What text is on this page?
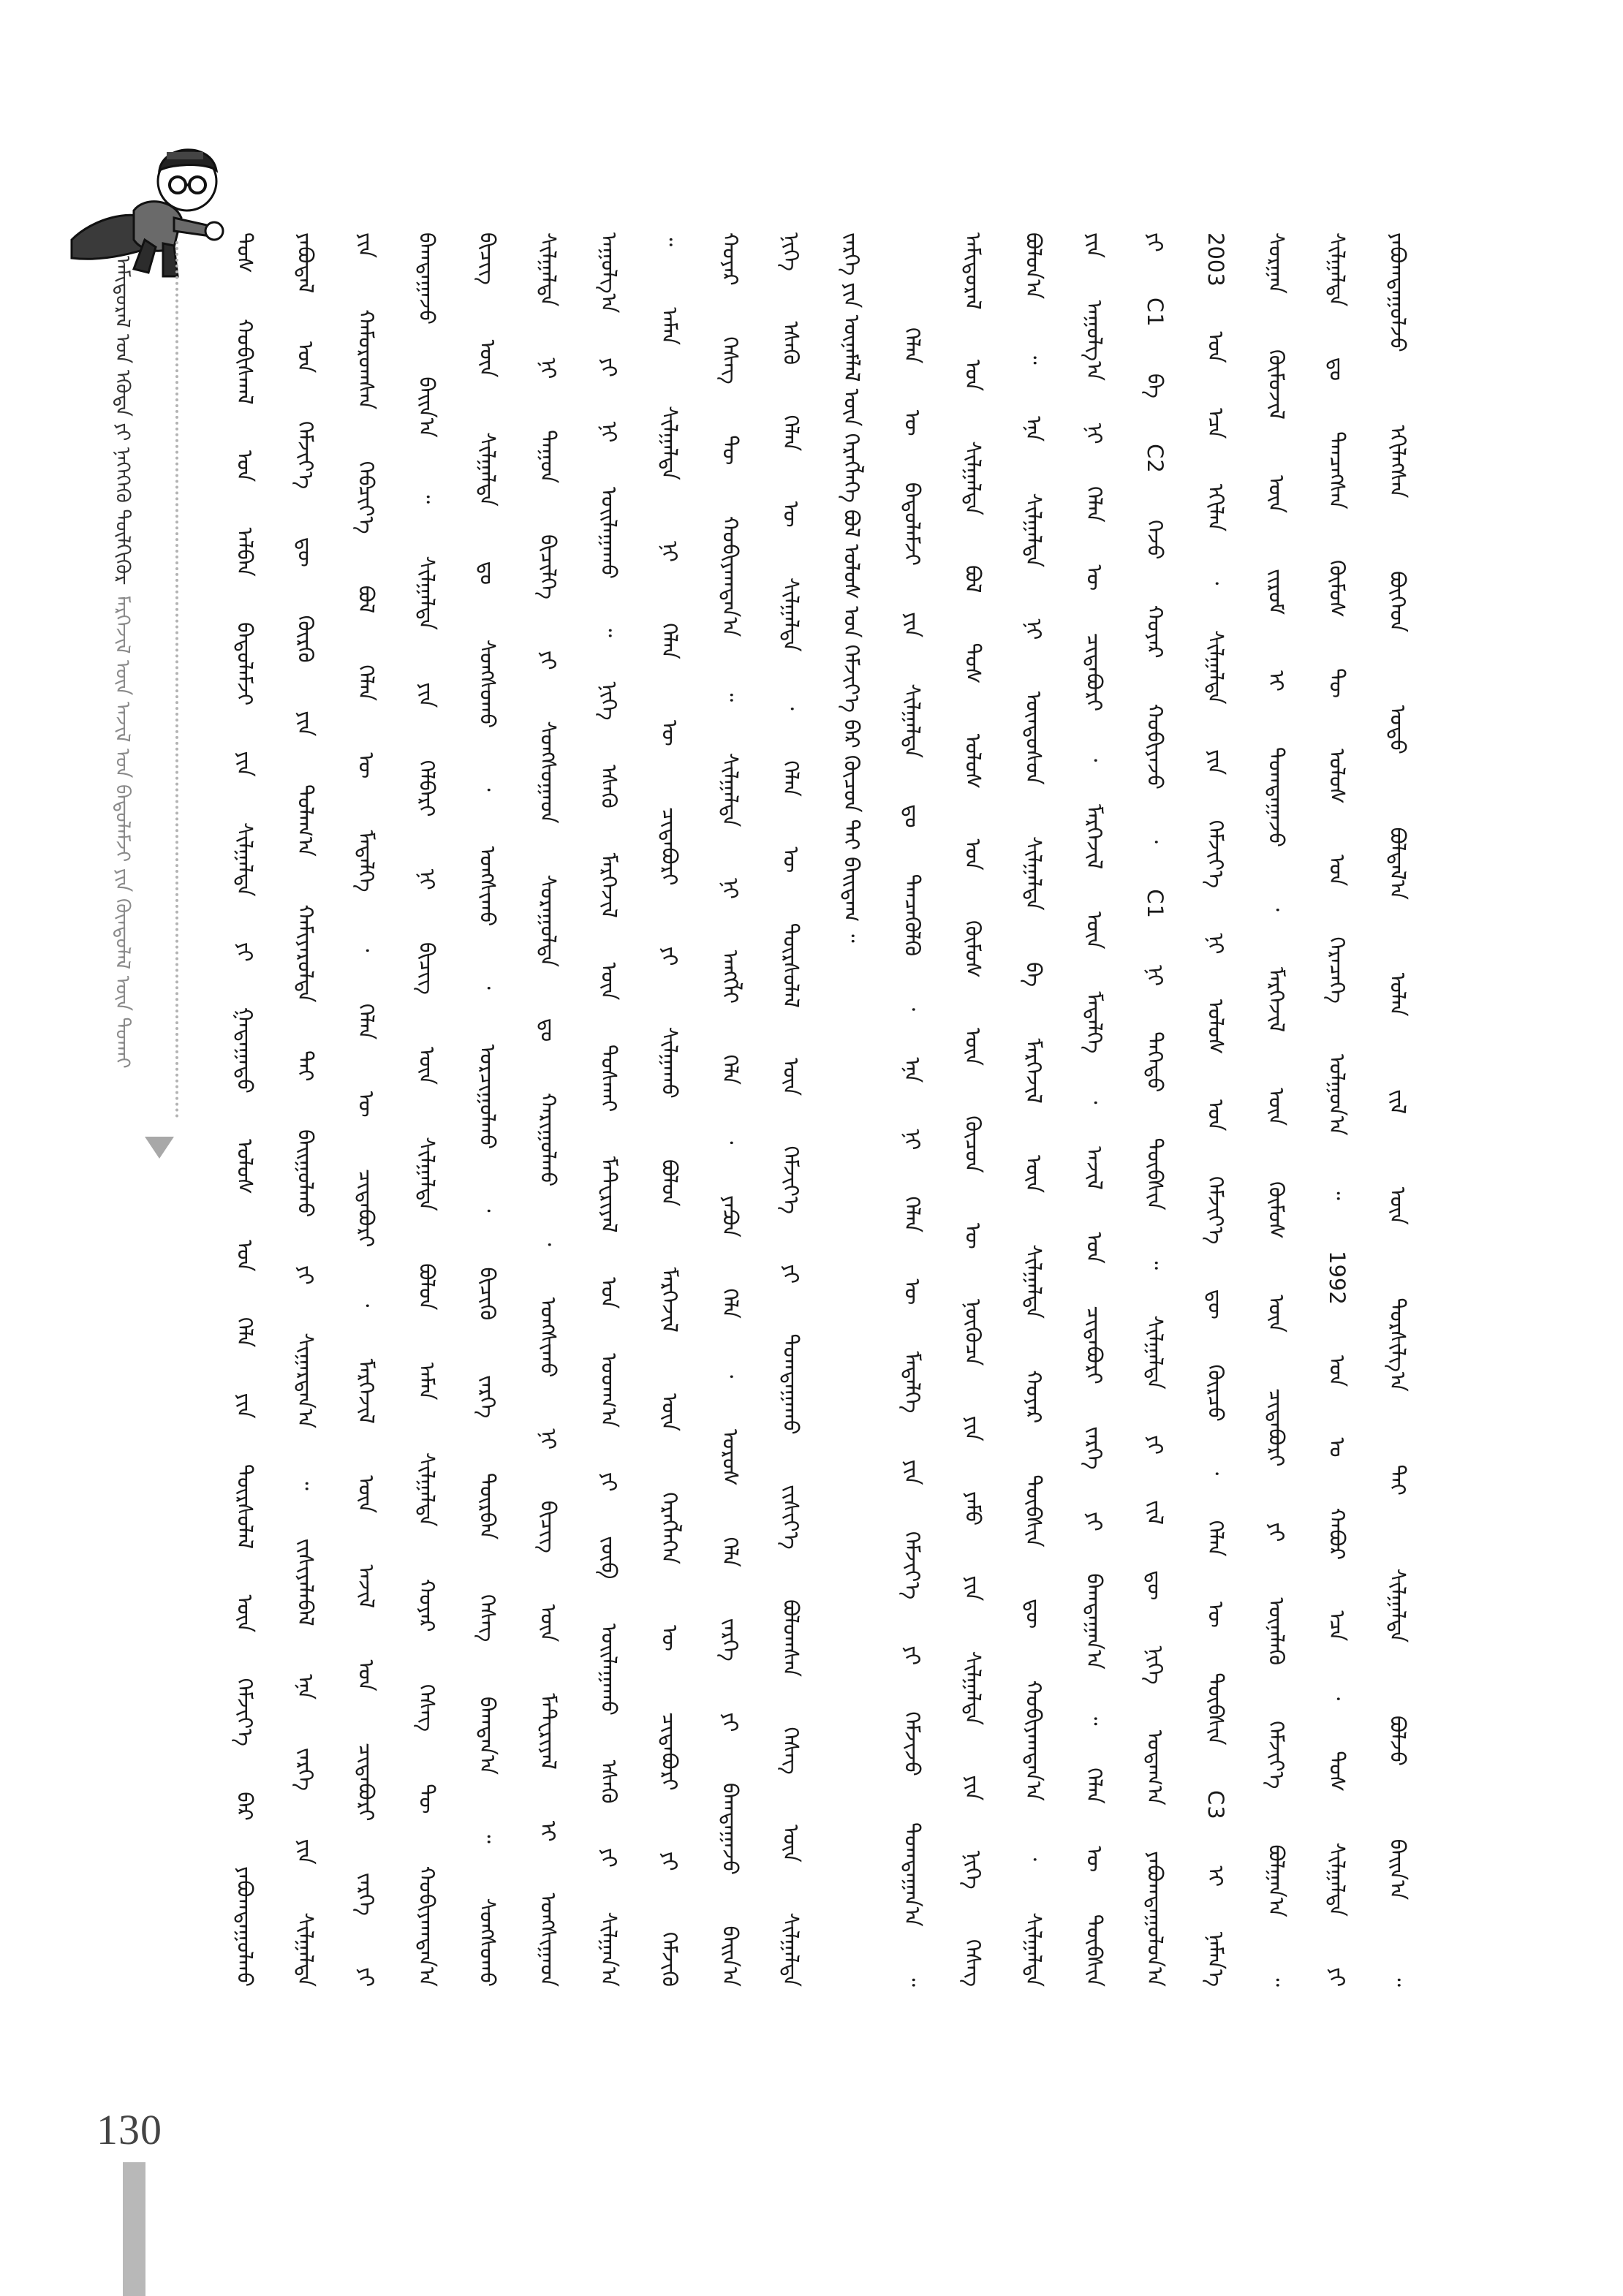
ᠠᠮᠢᠳᠤᠷᠠᠯ ᠤᠨ ᠡᠭᠦᠳᠡ ᠶᠢ ᠨᠡᠭᠡᠭᠡᠬᠦ ᠲᠦᠯᠬᠢᠭᠦᠷᠮᠡᠷᠭᠡᠵᠢᠯ ᠦᠨ ᠠᠵᠢᠯ ᠤᠨ ᠪᠠᠲᠤᠯᠠᠮᠵᠢ ᠶᠢᠨ ᠬᠦᠨᠳᠦᠯᠡᠯ ᠦᠨ ᠲᠤᠬᠠᠢ	ᠲᠤᠰ ᠬᠤᠪᠢᠰᠬᠠᠯ ᠤᠨ ᠠᠯᠪᠠᠨ ᠪᠠᠲᠤᠯᠠᠮᠵᠢ ᠶᠢᠨ ᠰᠢᠯᠭᠠᠯᠲᠠ ᠶᠢ ᠭᠠᠳᠠᠭᠠᠳᠤ ᠤᠯᠤᠰ ᠤᠨ ᠬᠡᠯᠡ ᠶᠢᠨ ᠳᠦᠷᠰᠦᠯᠡᠯ ᠦᠨ ᠬᠡᠮᠵᠢᠶ᠎ᠡ ᠪᠡᠷ ᠶᠠᠪᠤᠭᠳᠠᠭᠤᠯᠬᠤ	ᠶᠠᠪᠤᠳᠠᠯ ᠤᠨ ᠬᠡᠮᠵᠢᠶ᠎ᠡ ᠳᠦ ᠬᠦᠷᠬᠦ ᠶᠢᠨ ᠲᠤᠯᠠᠭ᠎ᠠ ᠬᠠᠮᠢᠶᠠᠷᠤᠯᠲᠠ ᠲᠠᠢ ᠪᠠᠢᠭᠤᠯᠬᠤ ᠶᠢ ᠰᠢᠭᠠᠷᠳᠠᠨ᠎ᠠ ᠃ ᠵᠢᠱᠢᠶᠡᠯᠡᠪᠡᠯ ᠡᠨᠡ ᠵᠡᠷᠭᠡ ᠶᠢᠨ ᠰᠢᠯᠭᠠᠯᠲᠠ	ᠶᠢᠨ ᠬᠠᠮᠤᠷᠤᠭᠰᠠᠨ ᠬᠡᠪᠴᠢᠶ᠎ᠡ ᠪᠤᠯ ᠬᠡᠯᠡᠨ ᠦ ᠮᠡᠳᠡᠯᠭᠡ ᠂ ᠬᠡᠯᠡᠨ ᠦ ᠴᠢᠳᠠᠪᠤᠷᠢ ᠂ ᠮᠡᠷᠭᠡᠵᠢᠯ ᠦᠨ ᠠᠵᠢᠯ ᠤᠨ ᠴᠢᠳᠠᠪᠤᠷᠢ ᠵᠡᠷᠭᠡ ᠶᠢ	ᠪᠠᠭᠲᠠᠭᠠᠵᠤ ᠪᠠᠢᠨ᠎ᠠ ᠃ ᠰᠢᠯᠭᠠᠯᠲᠠ ᠶᠢᠨ ᠬᠡᠯᠪᠡᠷᠢ ᠨᠢ ᠪᠢᠴᠢᠭ᠌ ᠦᠨ ᠰᠢᠯᠭᠠᠯᠲᠠ ᠪᠤᠯᠤᠨ ᠠᠮᠠᠨ ᠰᠢᠯᠭᠠᠯᠲᠠ ᠬᠤᠶᠠᠷ ᠬᠡᠰᠡᠭ ᠲᠦ ᠬᠤᠪᠢᠶᠠᠭᠳᠠᠨ᠎ᠠ	ᠪᠢᠴᠢᠭ᠌ ᠦᠨ ᠰᠢᠯᠭᠠᠯᠲᠠ ᠳᠤ ᠰᠤᠩᠰᠤᠬᠤ ᠂ ᠤᠩᠰᠢᠬᠤ ᠂ ᠤᠷᠴᠢᠭᠤᠯᠬᠤ ᠂ ᠪᠢᠴᠢᠬᠦ ᠵᠡᠷᠭᠡ ᠳᠦᠷᠪᠡᠨ ᠬᠡᠰᠡᠭ ᠪᠠᠭᠲᠠᠨ᠎ᠠ ᠃ ᠰᠤᠩᠰᠤᠬᠤ	ᠰᠢᠯᠭᠠᠯᠲᠠ ᠨᠢ ᠳᠠᠭᠤᠨ ᠪᠢᠴᠢᠯᠭᠡ ᠶᠢ ᠰᠤᠩᠰᠤᠭᠠᠳ ᠰᠤᠷᠠᠭᠤᠯᠲᠠ ᠳᠤ ᠬᠠᠷᠢᠭᠤᠯᠬᠤ ᠂ ᠤᠩᠰᠢᠬᠤ ᠨᠢ ᠪᠢᠴᠢᠭ᠌ ᠦᠨ ᠮᠠᠲᠧᠷᠢᠶᠠᠯ ᠢ ᠤᠩᠰᠢᠭᠠᠳ	ᠠᠭᠤᠯᠭ᠎ᠠ ᠶᠢ ᠨᠢ ᠣᠢᠯᠠᠭᠠᠬᠤ ᠃ ᠨᠢᠭᠡ ᠡᠰᠡᠬᠦ ᠮᠡᠷᠭᠡᠵᠢᠯ ᠦᠨ ᠲᠤᠰᠬᠠᠢ ᠮᠠᠲᠧᠷᠢᠶᠠᠯ ᠤᠨ ᠤᠳᠬ᠎ᠠ ᠶᠢ ᠵᠦᠪ ᠣᠢᠯᠠᠭᠠᠬᠤ ᠡᠰᠡᠬᠦ ᠶᠢ ᠰᠢᠯᠭᠠᠨ᠎ᠠ	᠃ ᠠᠮᠠᠨ ᠰᠢᠯᠭᠠᠯᠲᠠ ᠨᠢ ᠬᠡᠯᠡᠨ ᠦ ᠴᠢᠳᠠᠪᠤᠷᠢ ᠶᠢ ᠰᠢᠯᠭᠠᠬᠤ ᠪᠣᠯᠤᠨ ᠮᠡᠷᠭᠡᠵᠢᠯ ᠦᠨ ᠬᠡᠷᠡᠭᠯᠡᠭᠡᠨ ᠦ ᠴᠢᠳᠠᠪᠤᠷᠢ ᠶᠢ ᠬᠡᠮᠵᠢᠬᠦ	ᠬᠣᠶᠠᠷ ᠬᠡᠰᠡᠭ ᠲᠦ ᠬᠤᠪᠢᠶᠠᠭᠳᠠᠨ᠎ᠠ ᠃ ᠰᠢᠯᠭᠠᠯᠲᠠ ᠨᠢ ᠠᠩᠭᠯᠢ ᠬᠡᠯᠡ ᠂ ᠶᠠᠫᠣᠨ ᠬᠡᠯᠡ ᠂ ᠣᠷᠣᠰ ᠬᠡᠯᠡ ᠵᠡᠷᠭᠡ ᠶᠢ ᠪᠠᠭᠲᠠᠭᠠᠵᠤ ᠪᠠᠢᠨ᠎ᠠ	ᠨᠢᠭᠡ ᠡᠰᠡᠬᠦ ᠬᠡᠯᠡᠨ ᠦ ᠰᠢᠯᠭᠠᠯᠲᠠ ᠂ ᠬᠡᠯᠡᠨ ᠦ ᠳᠦᠷᠰᠦᠯᠡᠯ ᠦᠨ ᠬᠡᠮᠵᠢᠶ᠎ᠡ ᠶᠢ ᠲᠣᠭᠲᠠᠭᠠᠬᠤ ᠵᠢᠱᠢᠶ᠎ᠡ ᠪᠣᠯᠤᠭᠰᠠᠨ ᠬᠡᠰᠡᠭ ᠦᠨ ᠰᠢᠯᠭᠠᠯᠲᠠ	ᠵᠡᠷᠭᠡ ᠶᠢᠨ ᠦᠨᠡᠮᠯᠡᠯ ᠦᠨ ᠬᠡᠷᠡᠭᠯᠡᠭᠡ ᠪᠣᠯ ᠤᠯᠤᠰ ᠤᠨ ᠬᠡᠮᠵᠢᠶ᠎ᠡ ᠪᠡᠷ ᠬᠦᠴᠦᠨ ᠲᠡᠢ ᠪᠠᠢᠳᠠᠭ ᠃	ᠬᠡᠯᠡᠨ ᠦ ᠪᠠᠲᠤᠯᠠᠮᠵᠢ ᠶᠢᠨ ᠰᠢᠯᠭᠠᠯᠲᠠ ᠳᠤ ᠲᠡᠨᠴᠡᠭᠦᠯᠬᠦ ᠂ ᠡᠨᠡ ᠨᠢ ᠬᠡᠯᠡᠨ ᠦ ᠮᠡᠳᠡᠯᠭᠡ ᠶᠢᠨ ᠬᠡᠮᠵᠢᠶ᠎ᠡ ᠶᠢ ᠬᠡᠮᠵᠢᠵᠦ ᠲᠣᠭᠲᠠᠭᠠᠨ᠎ᠠ ᠃	ᠠᠮᠢᠳᠤᠷᠠᠯ ᠤᠨ ᠰᠢᠯᠭᠠᠯᠲᠠ ᠪᠣᠯ ᠲᠤᠰ ᠤᠯᠤᠰ ᠤᠨ ᠬᠦᠮᠦᠰ ᠦᠨ ᠬᠦᠴᠦᠨ ᠦ ᠨᠥᠭᠥᠴᠡ ᠶᠢᠨ ᠶᠠᠮᠤ ᠶᠢᠨ ᠰᠢᠯᠭᠠᠯᠲᠠ ᠶᠢᠨ ᠨᠢᠭᠡ ᠬᠡᠰᠡᠭ	ᠪᠣᠯᠤᠨ᠎ᠠ ᠃ ᠡᠨᠡ ᠰᠢᠯᠭᠠᠯᠲᠠ ᠨᠢ ᠦᠨᠳᠦᠰᠦᠨ ᠰᠢᠯᠭᠠᠯᠲᠠ ᠪᠠ ᠮᠡᠷᠭᠡᠵᠢᠯ ᠦᠨ ᠰᠢᠯᠭᠠᠯᠲᠠ ᠬᠣᠶᠠᠷ ᠲᠦᠪᠰᠢᠨ ᠳᠦ ᠬᠤᠪᠢᠶᠠᠭᠳᠠᠨ᠎ᠠ ᠂ ᠰᠢᠯᠭᠠᠯᠲᠠ	ᠶᠢᠨ ᠠᠭᠤᠯᠭ᠎ᠠ ᠨᠢ ᠬᠡᠯᠡᠨ ᠦ ᠴᠢᠳᠠᠪᠤᠷᠢ ᠂ ᠮᠡᠷᠭᠡᠵᠢᠯ ᠦᠨ ᠮᠡᠳᠡᠯᠭᠡ ᠂ ᠠᠵᠢᠯ ᠤᠨ ᠴᠢᠳᠠᠪᠤᠷᠢ ᠵᠡᠷᠭᠡ ᠶᠢ ᠪᠠᠭᠲᠠᠭᠠᠨ᠎ᠠ ᠃ ᠬᠡᠯᠡᠨ ᠦ ᠲᠦᠪᠰᠢᠨ	ᠶᠢ C1 ᠪᠠ C2 ᠭᠡᠵᠦ ᠬᠣᠶᠠᠷ ᠬᠤᠪᠢᠶᠠᠵᠤ ᠂ C1 ᠨᠢ ᠳᠡᠭᠡᠳᠦ ᠲᠦᠪᠰᠢᠨ ᠃ ᠰᠢᠯᠭᠠᠯᠲᠠ ᠶᠢ ᠵᠢᠯ ᠳᠦ ᠨᠢᠭᠡ ᠤᠳᠠᠭ᠎ᠠ ᠶᠠᠪᠤᠭᠳᠠᠭᠤᠯᠤᠨ᠎ᠠ	2003 ᠣᠨ ᠡᠴᠡ ᠡᠬᠢᠯᠡᠨ ᠂ ᠰᠢᠯᠭᠠᠯᠲᠠ ᠶᠢᠨ ᠬᠡᠮᠵᠢᠶ᠎ᠡ ᠨᠢ ᠤᠯᠤᠰ ᠤᠨ ᠬᠡᠮᠵᠢᠶ᠎ᠡ ᠳᠦ ᠬᠦᠷᠴᠦ ᠂ ᠬᠡᠯᠡᠨ ᠦ ᠲᠦᠪᠰᠢᠨ C3 ᠢ ᠨᠡᠮᠡᠨ᠎ᠡ	ᠰᠤᠷᠭᠠᠨ ᠬᠦᠮᠦᠵᠢᠯ ᠦᠨ ᠵᠢᠷᠤᠮ ᠢ ᠲᠣᠭᠲᠠᠭᠠᠵᠤ ᠂ ᠮᠡᠷᠭᠡᠵᠢᠯ ᠦᠨ ᠬᠦᠮᠦᠰ ᠦᠨ ᠴᠢᠳᠠᠪᠤᠷᠢ ᠶᠢ ᠦᠨᠡᠯᠡᠬᠦ ᠬᠡᠮᠵᠢᠶ᠎ᠡ ᠪᠣᠯᠭᠠᠨ᠎ᠠ ᠃	ᠰᠢᠯᠭᠠᠯᠲᠠ ᠳᠤ ᠲᠡᠨᠴᠡᠭᠰᠡᠨ ᠬᠦᠮᠦᠰ ᠲᠦ ᠤᠯᠤᠰ ᠤᠨ ᠭᠡᠷᠡᠴᠡᠭᠡ ᠣᠯᠭᠣᠨ᠎ᠠ ᠃ 1992 ᠣᠨ ᠤ ᠬᠠᠪᠤᠷ ᠡᠴᠡ ᠂ ᠲᠤᠰ ᠰᠢᠯᠭᠠᠯᠲᠠ ᠶᠢ	ᠶᠠᠪᠤᠭᠳᠠᠭᠤᠯᠵᠤ ᠡᠬᠢᠯᠡᠭᠰᠡᠨ ᠪᠥᠭᠡᠳ ᠣᠳᠣ ᠪᠣᠯᠲᠠᠯ᠎ᠠ ᠣᠯᠠᠨ ᠵᠢᠯ ᠦᠨ ᠲᠤᠷᠰᠢᠯᠭ᠎ᠠ ᠲᠠᠢ ᠰᠢᠯᠭᠠᠯᠲᠠ ᠪᠣᠯᠵᠤ ᠪᠠᠢᠨ᠎ᠠ ᠃
130
